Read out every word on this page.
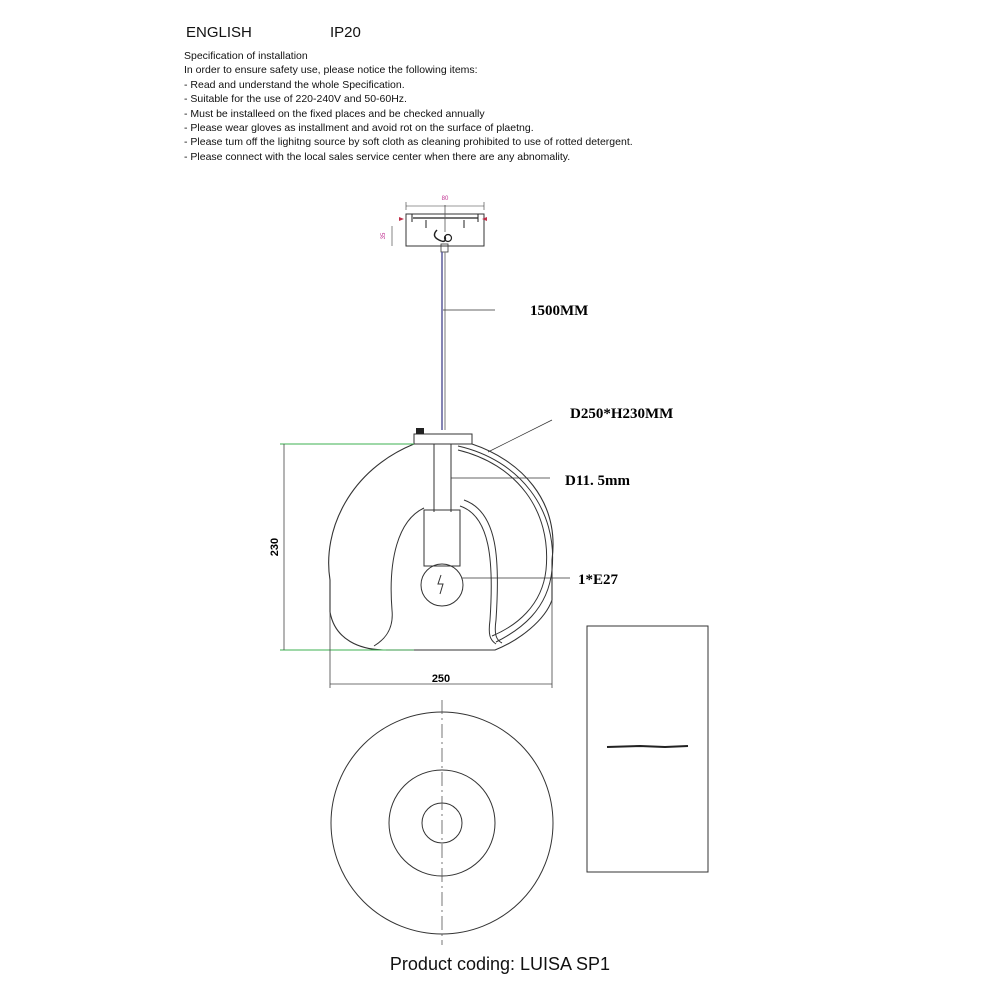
ENGLISH	IP20
Specification of installation
In order to ensure safety use, please notice the following items:
- Read and understand the whole Specification.
- Suitable for the use of 220-240V and 50-60Hz.
- Must be installeed on the fixed places and be checked annually
- Please wear gloves as installment and avoid rot on the surface of plaetng.
- Please tum off the lighitng source by soft cloth as cleaning prohibited to use of rotted detergent.
- Please connect with the local sales service center when there are any abnomality.
80
35
1500MM
230
250
D250*H230MM
D11. 5mm
1*E27
Product coding: LUISA SP1
